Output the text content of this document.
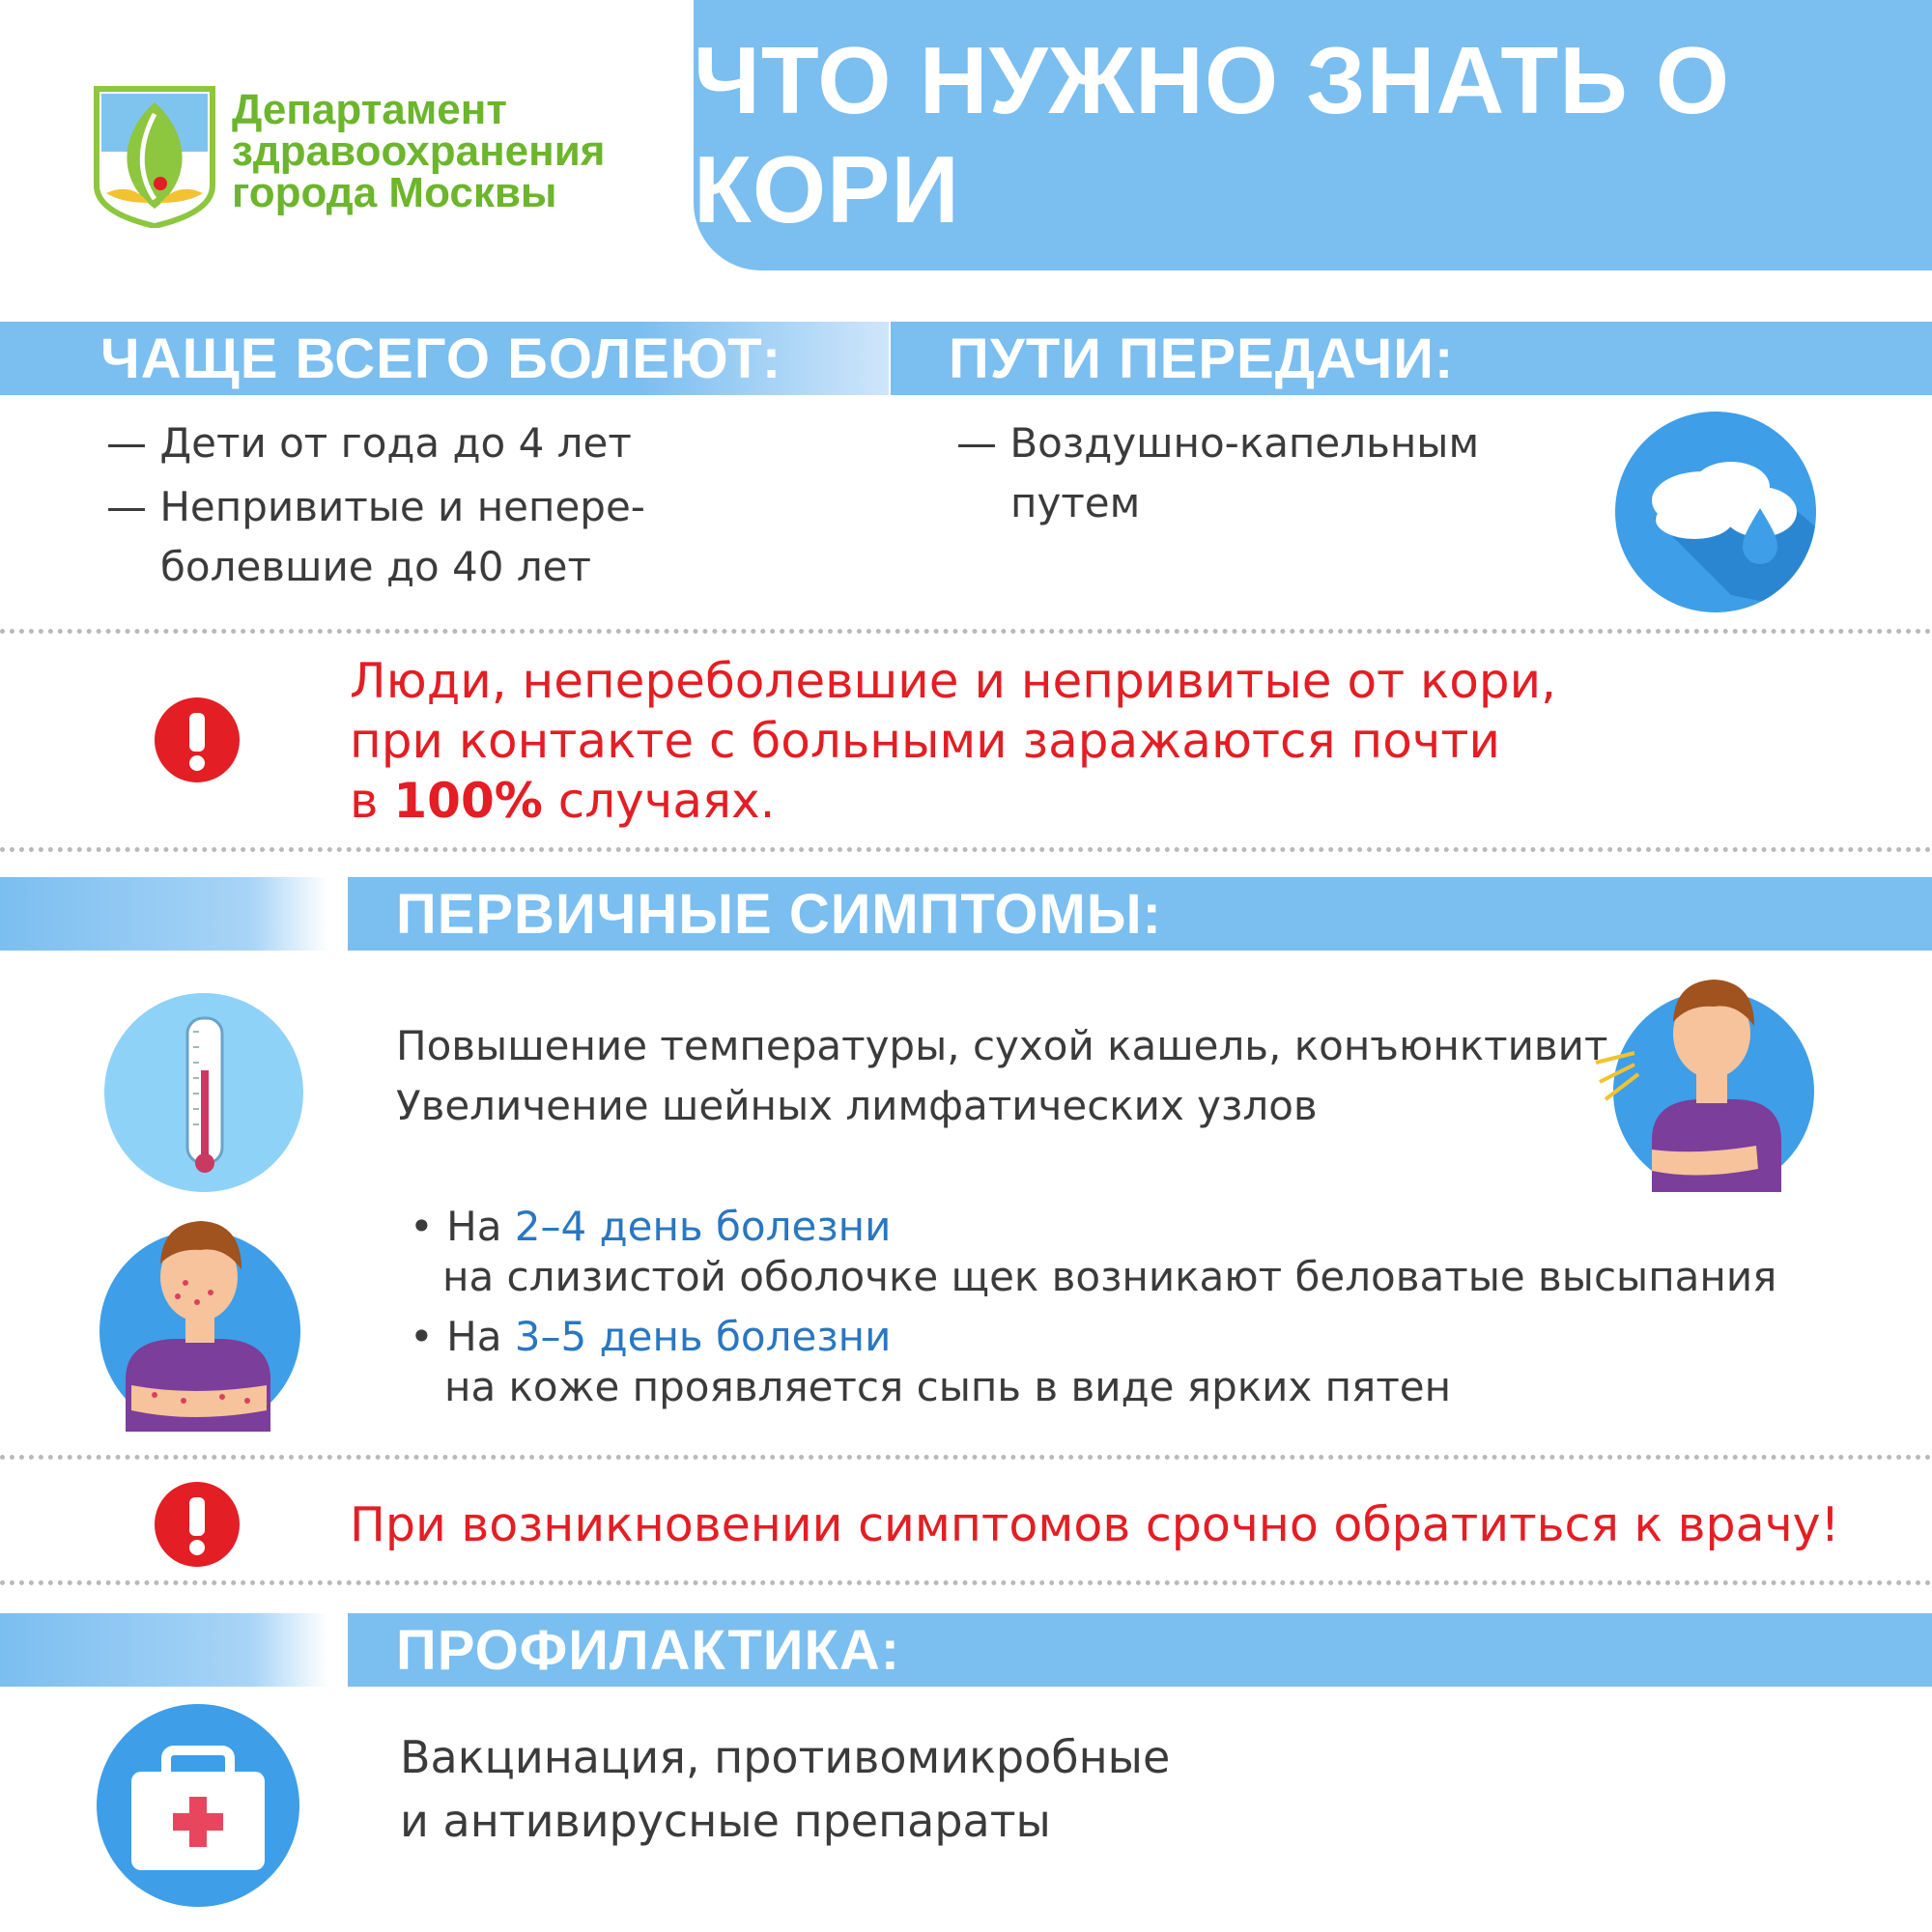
Департамент
здравоохранения
города Москвы
ЧТО НУЖНО ЗНАТЬ О КОРИ
ЧАЩЕ ВСЕГО БОЛЕЮТ:	ПУТИ ПЕРЕДАЧИ:
— Дети от года до 4 лет
— Непривитые и непере-
болевшие до 40 лет
— Воздушно-капельным
путем
Люди, непереболевшие и непривитые от кори,
при контакте с больными заражаются почти
в 100% случаях.
ПЕРВИЧНЫЕ СИМПТОМЫ:
Повышение температуры, сухой кашель, конъюнктивит
Увеличение шейных лимфатических узлов
• На 2–4 день болезни
на слизистой оболочке щек возникают беловатые высыпания
• На 3–5 день болезни
на коже проявляется сыпь в виде ярких пятен
При возникновении симптомов срочно обратиться к врачу!
ПРОФИЛАКТИКА:
Вакцинация, противомикробные
и антивирусные препараты
